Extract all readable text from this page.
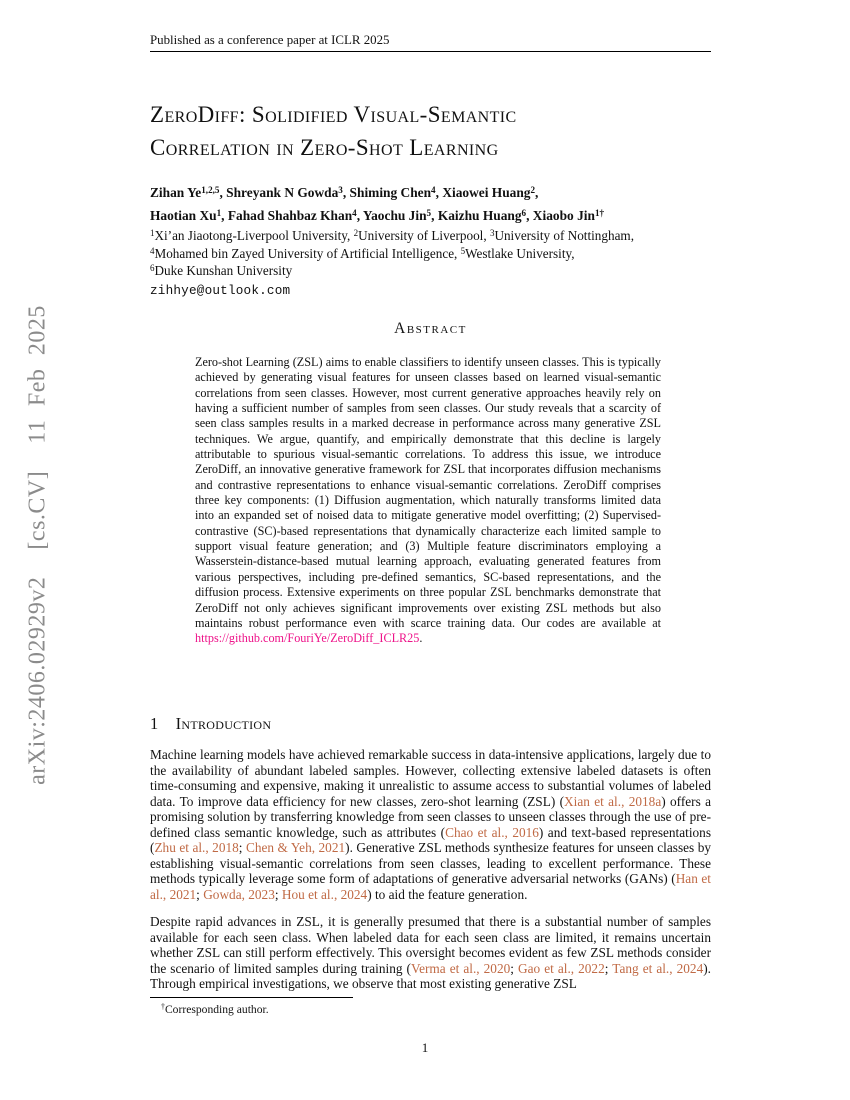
arXiv:2406.02929v2  [cs.CV]  11 Feb 2025
Published as a conference paper at ICLR 2025
ZeroDiff: Solidified Visual-Semantic
Correlation in Zero-Shot Learning
Zihan Ye$^{1,2,5}$, Shreyank N Gowda$^3$, Shiming Chen$^4$, Xiaowei Huang$^2$,
Haotian Xu$^1$, Fahad Shahbaz Khan$^4$, Yaochu Jin$^5$, Kaizhu Huang$^6$, Xiaobo Jin$^{1\dagger}$
$^1$Xi’an Jiaotong-Liverpool University, $^2$University of Liverpool, $^3$University of Nottingham,
$^4$Mohamed bin Zayed University of Artificial Intelligence, $^5$Westlake University,
$^6$Duke Kunshan University
zihhye@outlook.com
Abstract

Zero-shot Learning (ZSL) aims to enable classifiers to identify unseen classes. This is typically achieved by generating visual features for unseen classes based on learned visual-semantic correlations from seen classes. However, most current generative approaches heavily rely on having a sufficient number of samples from seen classes. Our study reveals that a scarcity of seen class samples results in a marked decrease in performance across many generative ZSL techniques. We argue, quantify, and empirically demonstrate that this decline is largely attributable to spurious visual-semantic correlations. To address this issue, we introduce ZeroDiff, an innovative generative framework for ZSL that incorporates diffusion mechanisms and contrastive representations to enhance visual-semantic correlations. ZeroDiff comprises three key components: (1) Diffusion augmentation, which naturally transforms limited data into an expanded set of noised data to mitigate generative model overfitting; (2) Supervised-contrastive (SC)-based representations that dynamically characterize each limited sample to support visual feature generation; and (3) Multiple feature discriminators employing a Wasserstein-distance-based mutual learning approach, evaluating generated features from various perspectives, including pre-defined semantics, SC-based representations, and the diffusion process. Extensive experiments on three popular ZSL benchmarks demonstrate that ZeroDiff not only achieves significant improvements over existing ZSL methods but also maintains robust performance even with scarce training data. Our codes are available at https://github.com/FouriYe/ZeroDiff_ICLR25.

1 Introduction

Machine learning models have achieved remarkable success in data-intensive applications, largely due to the availability of abundant labeled samples. However, collecting extensive labeled datasets is often time-consuming and expensive, making it unrealistic to assume access to substantial volumes of labeled data. To improve data efficiency for new classes, zero-shot learning (ZSL) (Xian et al., 2018a) offers a promising solution by transferring knowledge from seen classes to unseen classes through the use of pre-defined class semantic knowledge, such as attributes (Chao et al., 2016) and text-based representations (Zhu et al., 2018; Chen & Yeh, 2021). Generative ZSL methods synthesize features for unseen classes by establishing visual-semantic correlations from seen classes, leading to excellent performance. These methods typically leverage some form of adaptations of generative adversarial networks (GANs) (Han et al., 2021; Gowda, 2023; Hou et al., 2024) to aid the feature generation.

Despite rapid advances in ZSL, it is generally presumed that there is a substantial number of samples available for each seen class. When labeled data for each seen class are limited, it remains uncertain whether ZSL can still perform effectively. This oversight becomes evident as few ZSL methods consider the scenario of limited samples during training (Verma et al., 2020; Gao et al., 2022; Tang et al., 2024). Through empirical investigations, we observe that most existing generative ZSL

†Corresponding author.
1
